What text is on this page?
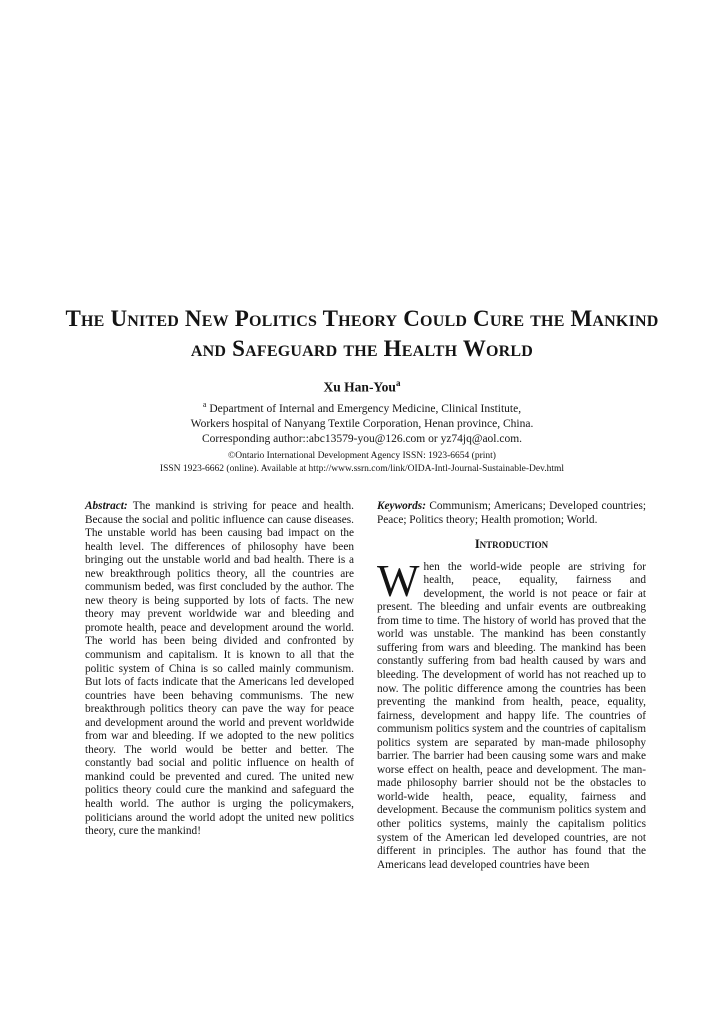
The United New Politics Theory Could Cure the Mankind and Safeguard the Health World
Xu Han-You$^a$
$^a$ Department of Internal and Emergency Medicine, Clinical Institute,
Workers hospital of Nanyang Textile Corporation, Henan province, China.
Corresponding author::abc13579-you@126.com or yz74jq@aol.com.
©Ontario International Development Agency ISSN: 1923-6654 (print)
ISSN 1923-6662 (online). Available at http://www.ssrn.com/link/OIDA-Intl-Journal-Sustainable-Dev.html

Abstract: The mankind is striving for peace and health. Because the social and politic influence can cause diseases. The unstable world has been causing bad impact on the health level. The differences of philosophy have been bringing out the unstable world and bad health. There is a new breakthrough politics theory, all the countries are communism beded, was first concluded by the author. The new theory is being supported by lots of facts. The new theory may prevent worldwide war and bleeding and promote health, peace and development around the world. The world has been being divided and confronted by communism and capitalism. It is known to all that the politic system of China is so called mainly communism. But lots of facts indicate that the Americans led developed countries have been behaving communisms. The new breakthrough politics theory can pave the way for peace and development around the world and prevent worldwide from war and bleeding. If we adopted to the new politics theory. The world would be better and better. The constantly bad social and politic influence on health of mankind could be prevented and cured. The united new politics theory could cure the mankind and safeguard the health world. The author is urging the policymakers, politicians around the world adopt the united new politics theory, cure the mankind!

Keywords: Communism; Americans; Developed countries; Peace; Politics theory; Health promotion; World.

Introduction

When the world-wide people are striving for health, peace, equality, fairness and development, the world is not peace or fair at present. The bleeding and unfair events are outbreaking from time to time. The history of world has proved that the world was unstable. The mankind has been constantly suffering from wars and bleeding. The mankind has been constantly suffering from bad health caused by wars and bleeding. The development of world has not reached up to now. The politic difference among the countries has been preventing the mankind from health, peace, equality, fairness, development and happy life. The countries of communism politics system and the countries of capitalism politics system are separated by man-made philosophy barrier. The barrier had been causing some wars and make worse effect on health, peace and development. The man-made philosophy barrier should not be the obstacles to world-wide health, peace, equality, fairness and development. Because the communism politics system and other politics systems, mainly the capitalism politics system of the American led developed countries, are not different in principles. The author has found that the Americans lead developed countries have been
